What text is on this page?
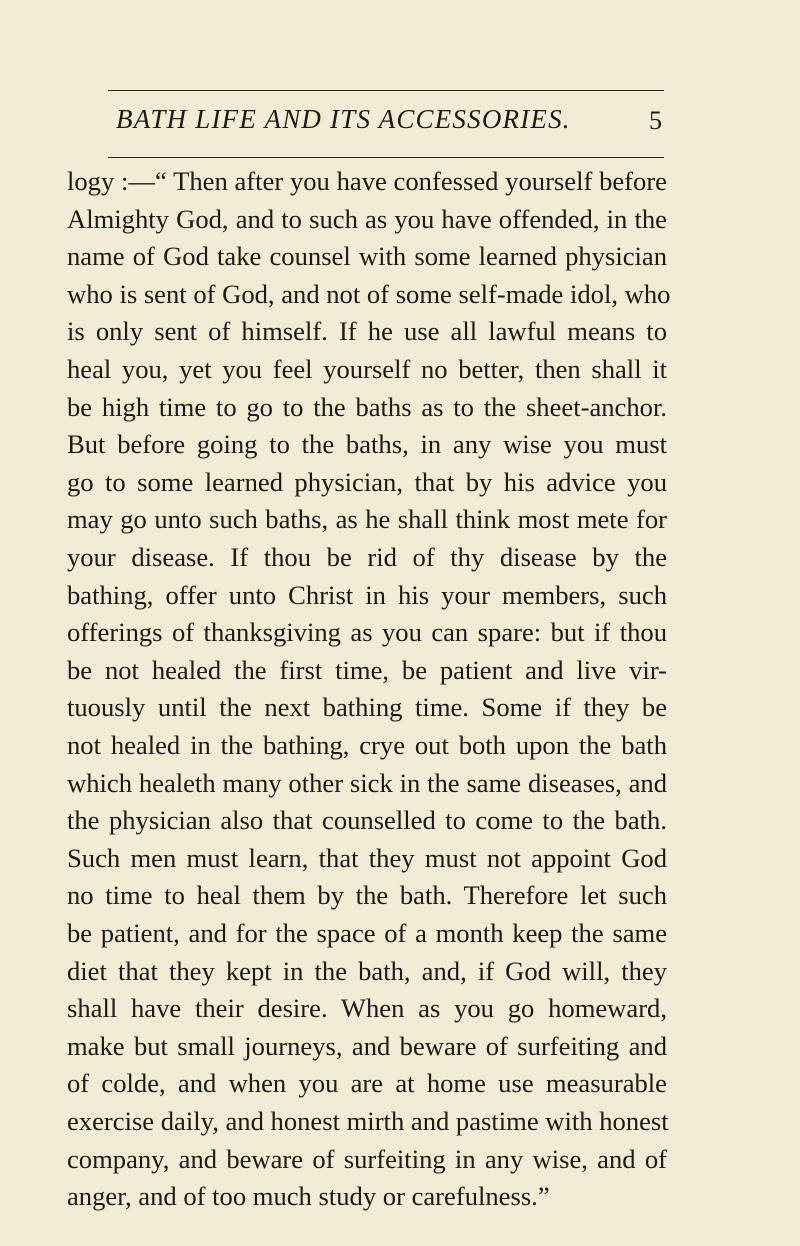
BATH LIFE AND ITS ACCESSORIES.	5
logy :—“ Then after you have confessed yourself before
Almighty God, and to such as you have offended, in the
name of God take counsel with some learned physician
who is sent of God, and not of some self-made idol, who
is only sent of himself. If he use all lawful means to
heal you, yet you feel yourself no better, then shall it
be high time to go to the baths as to the sheet-anchor.
But before going to the baths, in any wise you must
go to some learned physician, that by his advice you
may go unto such baths, as he shall think most mete for
your disease. If thou be rid of thy disease by the
bathing, offer unto Christ in his your members, such
offerings of thanksgiving as you can spare: but if thou
be not healed the first time, be patient and live vir-
tuously until the next bathing time. Some if they be
not healed in the bathing, crye out both upon the bath
which healeth many other sick in the same diseases, and
the physician also that counselled to come to the bath.
Such men must learn, that they must not appoint God
no time to heal them by the bath. Therefore let such
be patient, and for the space of a month keep the same
diet that they kept in the bath, and, if God will, they
shall have their desire. When as you go homeward,
make but small journeys, and beware of surfeiting and
of colde, and when you are at home use measurable
exercise daily, and honest mirth and pastime with honest
company, and beware of surfeiting in any wise, and of
anger, and of too much study or carefulness.”
